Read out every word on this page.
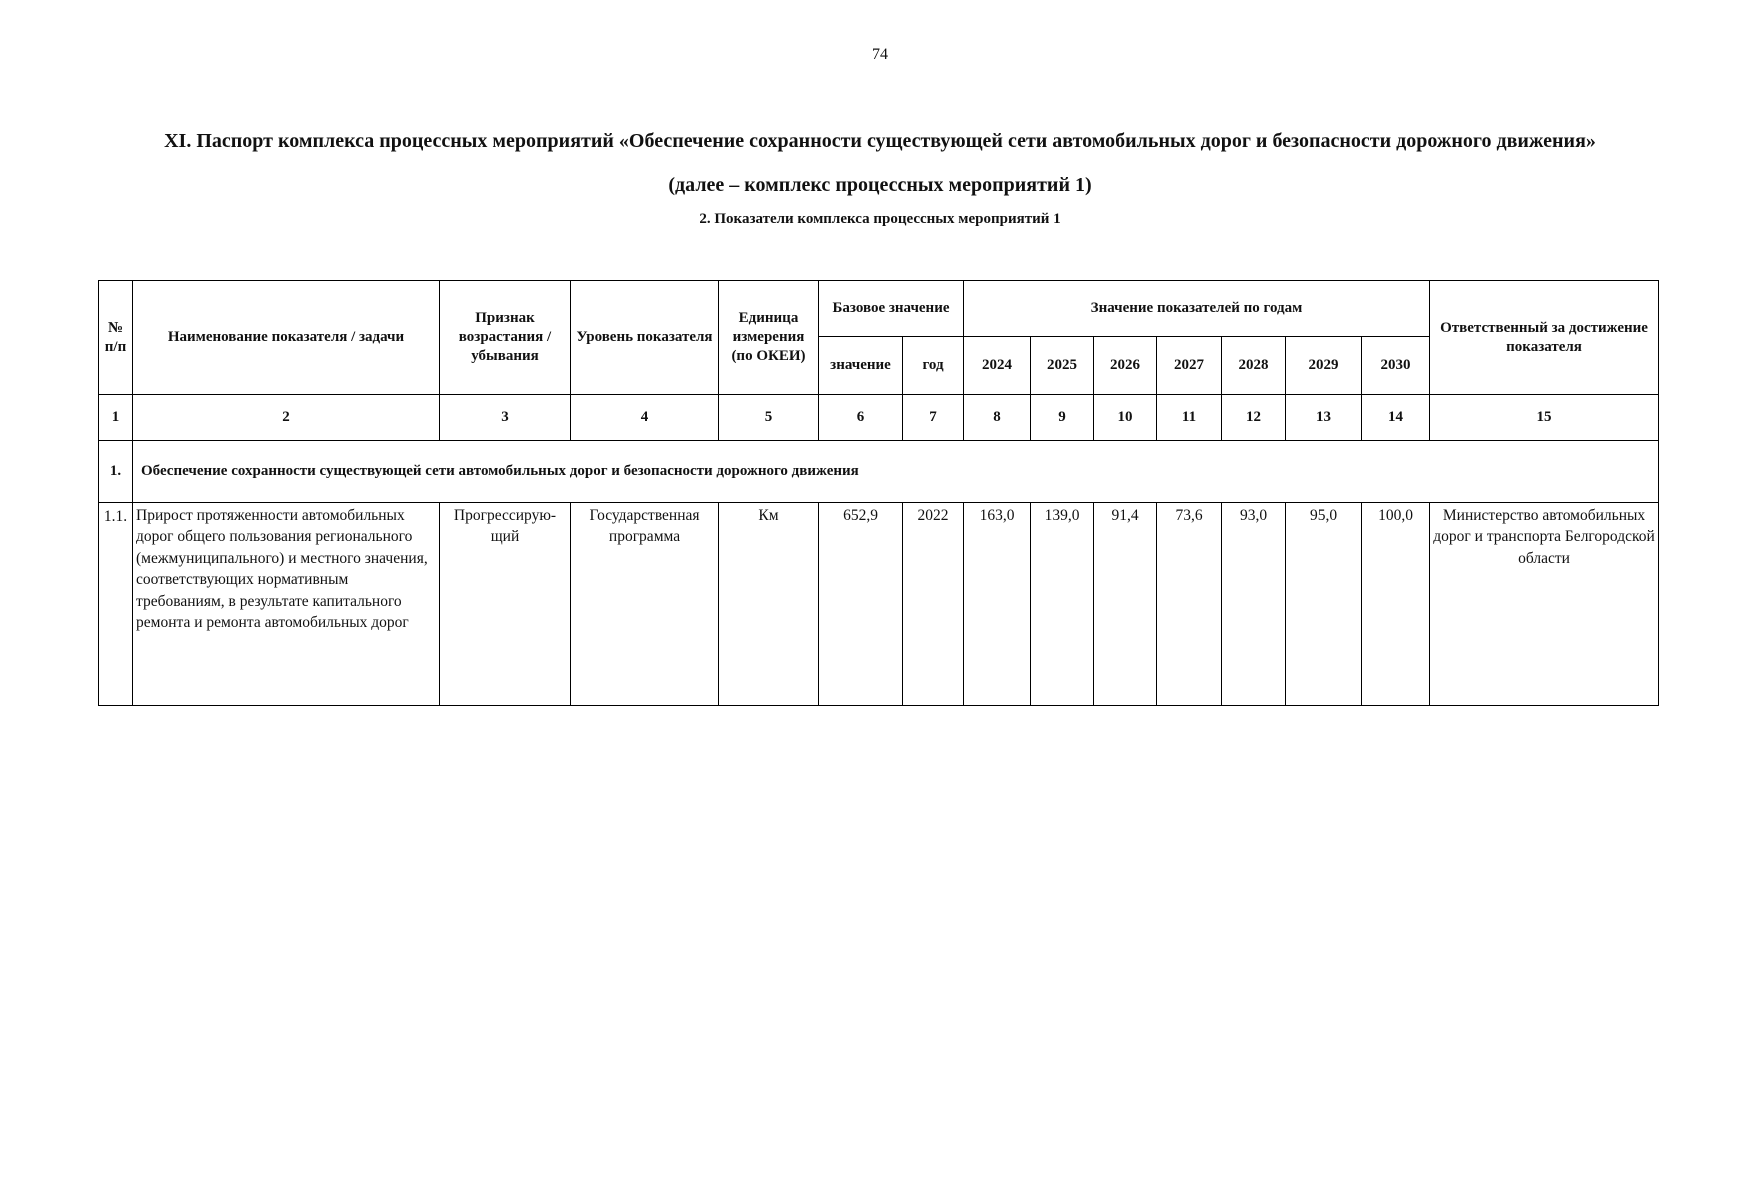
74
XI. Паспорт комплекса процессных мероприятий «Обеспечение сохранности существующей сети автомобильных дорог и безопасности дорожного движения»
(далее – комплекс процессных мероприятий 1)
2. Показатели комплекса процессных мероприятий 1
№ п/п	Наименование показателя / задачи	Признак возрастания / убывания	Уровень показателя	Единица измерения (по ОКЕИ)	Базовое значение		Значение показателей по годам							Ответственный за достижение показателя
					значение	год	2024	2025	2026	2027	2028	2029	2030	
1	2	3	4	5	6	7	8	9	10	11	12	13	14	15
1.	Обеспечение сохранности существующей сети автомобильных дорог и безопасности дорожного движения													
1.1.	Прирост протяженности автомобильных дорог общего пользования регионального (межмуниципального) и местного значения, соответствующих нормативным требованиям, в результате капитального ремонта и ремонта автомобильных дорог	Прогрессирую-щий	Государственная программа	Км	652,9	2022	163,0	139,0	91,4	73,6	93,0	95,0	100,0	Министерство автомобильных дорог и транспорта Белгородской области
